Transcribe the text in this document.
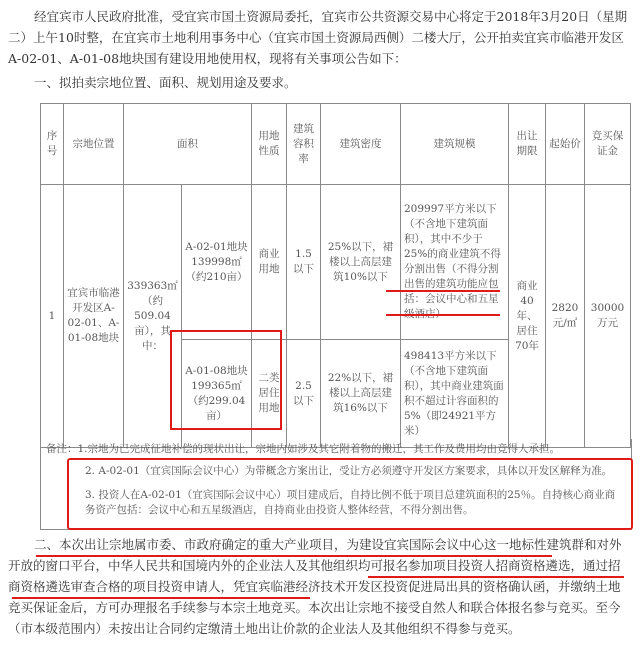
经宜宾市人民政府批准，受宜宾市国土资源局委托，宜宾市公共资源交易中心将定于2018年3月20日（星期二）上午10时整，在宜宾市土地利用事务中心（宜宾市国土资源局西侧）二楼大厅，公开拍卖宜宾市临港开发区A-02-01、A-01-08地块国有建设用地使用权，现将有关事项公告如下：
一、拟拍卖宗地位置、面积、规划用途及要求。
序号	宗地位置	面积		用地性质	建筑容积率	建筑密度	建筑规模	出让期限	起始价	竞买保证金
1	宜宾市临港开发区A-02-01、A-01-08地块	339363㎡（约509.04亩），其中：	A-02-01地块139998㎡（约210亩）	商业用地	1.5以下	25%以下，裙楼以上高层建筑10%以下	209997平方米以下（不含地下建筑面积），其中不少于25%的商业建筑不得分割出售（不得分割出售的建筑功能应包括：会议中心和五星	商业40年、居住70年	2820元/㎡	30000万元
			A-01-08地块199365㎡（约299.04亩）	二类居住用地	2.5以下	22%以下，裙楼以上高层建筑16%以下	498413平方米以下（不含地下建筑面积），其中商业建筑面积不超过计容面积的5%（即24921平方米）			
备注：1.宗地为已完成征地补偿的现状出让，宗地内如涉及其它附着物的搬迁，其工作及费用均由竞得人承担。
2. A-02-01（宜宾国际会议中心）为带概念方案出让，受让方必须遵守开发区方案要求，具体以开发区解释为准。
3. 投资人在A-02-01（宜宾国际会议中心）项目建成后，自持比例不低于项目总建筑面积的25％。自持核心商业商务资产包括：会议中心和五星级酒店，自持商业由投资人整体经营，不得分割出售。
二、本次出让宗地属市委、市政府确定的重大产业项目，为建设宜宾国际会议中心这一地标性建筑群和对外开放的窗口平台，中华人民共和国境内外的企业法人及其他组织均可报名参加项目投资人招商资格遴选，通过招商资格遴选审查合格的项目投资申请人，凭宜宾临港经济技术开发区投资促进局出具的资格确认函，并缴纳土地竞买保证金后，方可办理报名手续参与本宗土地竞买。本次出让宗地不接受自然人和联合体报名参与竞买。至今（市本级范围内）未按出让合同约定缴清土地出让价款的企业法人及其他组织不得参与竞买。
